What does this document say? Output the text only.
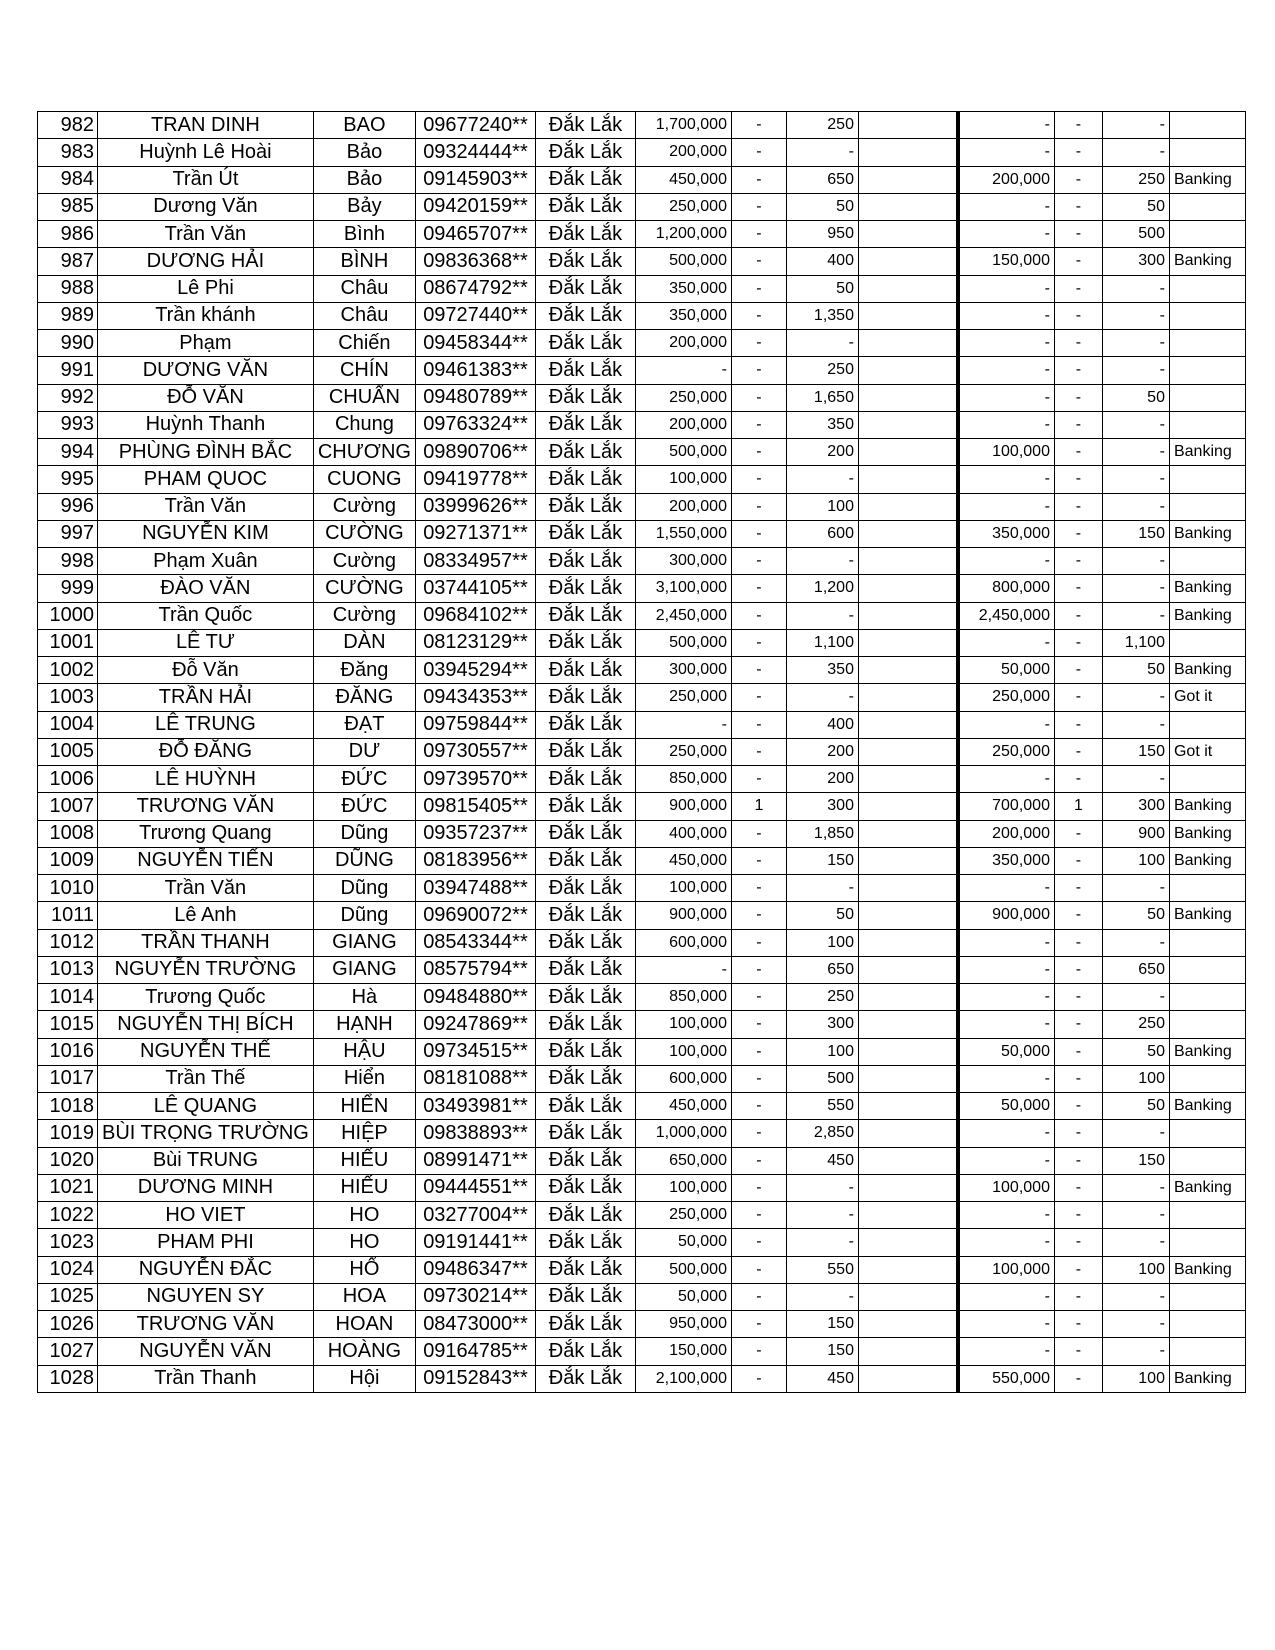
982	TRAN DINH	BAO	09677240**	Đắk Lắk	1,700,000	-	250		-	-	-	
983	Huỳnh Lê Hoài	Bảo	09324444**	Đắk Lắk	200,000	-	-		-	-	-	
984	Trần Út	Bảo	09145903**	Đắk Lắk	450,000	-	650		200,000	-	250	Banking
985	Dương Văn	Bảy	09420159**	Đắk Lắk	250,000	-	50		-	-	50	
986	Trần Văn	Bình	09465707**	Đắk Lắk	1,200,000	-	950		-	-	500	
987	DƯƠNG HẢI	BÌNH	09836368**	Đắk Lắk	500,000	-	400		150,000	-	300	Banking
988	Lê Phi	Châu	08674792**	Đắk Lắk	350,000	-	50		-	-	-	
989	Trần khánh	Châu	09727440**	Đắk Lắk	350,000	-	1,350		-	-	-	
990	Phạm	Chiến	09458344**	Đắk Lắk	200,000	-	-		-	-	-	
991	DƯƠNG VĂN	CHÍN	09461383**	Đắk Lắk	-	-	250		-	-	-	
992	ĐỖ VĂN	CHUẨN	09480789**	Đắk Lắk	250,000	-	1,650		-	-	50	
993	Huỳnh Thanh	Chung	09763324**	Đắk Lắk	200,000	-	350		-	-	-	
994	PHÙNG ĐÌNH BẮC	CHƯƠNG	09890706**	Đắk Lắk	500,000	-	200		100,000	-	-	Banking
995	PHAM QUOC	CUONG	09419778**	Đắk Lắk	100,000	-	-		-	-	-	
996	Trần Văn	Cường	03999626**	Đắk Lắk	200,000	-	100		-	-	-	
997	NGUYỄN KIM	CƯỜNG	09271371**	Đắk Lắk	1,550,000	-	600		350,000	-	150	Banking
998	Phạm Xuân	Cường	08334957**	Đắk Lắk	300,000	-	-		-	-	-	
999	ĐÀO VĂN	CƯỜNG	03744105**	Đắk Lắk	3,100,000	-	1,200		800,000	-	-	Banking
1000	Trần Quốc	Cường	09684102**	Đắk Lắk	2,450,000	-	-		2,450,000	-	-	Banking
1001	LÊ TƯ	DÀN	08123129**	Đắk Lắk	500,000	-	1,100		-	-	1,100	
1002	Đỗ Văn	Đăng	03945294**	Đắk Lắk	300,000	-	350		50,000	-	50	Banking
1003	TRẦN HẢI	ĐĂNG	09434353**	Đắk Lắk	250,000	-	-		250,000	-	-	Got it
1004	LÊ TRUNG	ĐẠT	09759844**	Đắk Lắk	-	-	400		-	-	-	
1005	ĐỖ ĐĂNG	DƯ	09730557**	Đắk Lắk	250,000	-	200		250,000	-	150	Got it
1006	LÊ HUỲNH	ĐỨC	09739570**	Đắk Lắk	850,000	-	200		-	-	-	
1007	TRƯƠNG VĂN	ĐỨC	09815405**	Đắk Lắk	900,000	1	300		700,000	1	300	Banking
1008	Trương Quang	Dũng	09357237**	Đắk Lắk	400,000	-	1,850		200,000	-	900	Banking
1009	NGUYỄN TIẾN	DŨNG	08183956**	Đắk Lắk	450,000	-	150		350,000	-	100	Banking
1010	Trần Văn	Dũng	03947488**	Đắk Lắk	100,000	-	-		-	-	-	
1011	Lê Anh	Dũng	09690072**	Đắk Lắk	900,000	-	50		900,000	-	50	Banking
1012	TRẦN THANH	GIANG	08543344**	Đắk Lắk	600,000	-	100		-	-	-	
1013	NGUYỄN TRƯỜNG	GIANG	08575794**	Đắk Lắk	-	-	650		-	-	650	
1014	Trương Quốc	Hà	09484880**	Đắk Lắk	850,000	-	250		-	-	-	
1015	NGUYỄN THỊ BÍCH	HẠNH	09247869**	Đắk Lắk	100,000	-	300		-	-	250	
1016	NGUYỄN THẾ	HẬU	09734515**	Đắk Lắk	100,000	-	100		50,000	-	50	Banking
1017	Trần Thế	Hiển	08181088**	Đắk Lắk	600,000	-	500		-	-	100	
1018	LÊ QUANG	HIỂN	03493981**	Đắk Lắk	450,000	-	550		50,000	-	50	Banking
1019	BÙI TRỌNG TRƯỜNG	HIỆP	09838893**	Đắk Lắk	1,000,000	-	2,850		-	-	-	
1020	Bùi TRUNG	HIẾU	08991471**	Đắk Lắk	650,000	-	450		-	-	150	
1021	DƯƠNG MINH	HIẾU	09444551**	Đắk Lắk	100,000	-	-		100,000	-	-	Banking
1022	HO VIET	HO	03277004**	Đắk Lắk	250,000	-	-		-	-	-	
1023	PHAM PHI	HO	09191441**	Đắk Lắk	50,000	-	-		-	-	-	
1024	NGUYỄN ĐẮC	HỔ	09486347**	Đắk Lắk	500,000	-	550		100,000	-	100	Banking
1025	NGUYEN SY	HOA	09730214**	Đắk Lắk	50,000	-	-		-	-	-	
1026	TRƯƠNG VĂN	HOAN	08473000**	Đắk Lắk	950,000	-	150		-	-	-	
1027	NGUYỄN VĂN	HOÀNG	09164785**	Đắk Lắk	150,000	-	150		-	-	-	
1028	Trần Thanh	Hội	09152843**	Đắk Lắk	2,100,000	-	450		550,000	-	100	Banking
